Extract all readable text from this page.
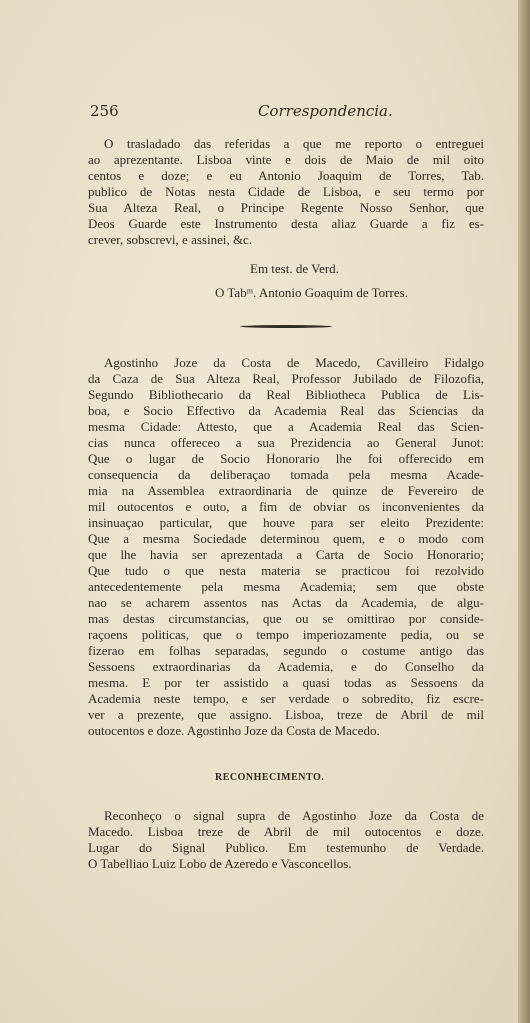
256	Correspondencia.
O trasladado das referidas a que me reporto o entreguei
ao aprezentante. Lisboa vinte e dois de Maio de mil oito
centos e doze; e eu Antonio Joaquim de Torres, Tab.
publico de Notas nesta Cidade de Lisboa, e seu termo por
Sua Alteza Real, o Principe Regente Nosso Senhor, que
Deos Guarde este Instrumento desta aliaz Guarde a fiz es-
crever, sobscrevi, e assinei, &c.
Em test. de Verd.
O Tabᵐ. Antonio Goaquim de Torres.
Agostinho Joze da Costa de Macedo, Cavilleiro Fidalgo
da Caza de Sua Alteza Real, Professor Jubilado de Filozofia,
Segundo Bibliothecario da Real Bibliotheca Publica de Lis-
boa, e Socio Effectivo da Academia Real das Sciencias da
mesma Cidade: Attesto, que a Academia Real das Scien-
cias nunca offereceo a sua Prezidencia ao General Junot:
Que o lugar de Socio Honorario lhe foi offerecido em
consequencia da deliberaçao tomada pela mesma Acade-
mia na Assemblea extraordinaria de quinze de Fevereiro de
mil outocentos e outo, a fim de obviar os inconvenientes da
insinuaçao particular, que houve para ser eleito Prezidente:
Que a mesma Sociedade determinou quem, e o modo com
que lhe havia ser aprezentada a Carta de Socio Honorario;
Que tudo o que nesta materia se practicou foi rezolvido
antecedentemente pela mesma Academia; sem que obste
nao se acharem assentos nas Actas da Academia, de algu-
mas destas circumstancias, que ou se omittirao por conside-
raçoens politicas, que o tempo imperiozamente pedia, ou se
fizerao em folhas separadas, segundo o costume antigo das
Sessoens extraordinarias da Academia, e do Conselho da
mesma. E por ter assistido a quasi todas as Sessoens da
Academia neste tempo, e ser verdade o sobredito, fiz escre-
ver a prezente, que assigno. Lisboa, treze de Abril de mil
outocentos e doze. Agostinho Joze da Costa de Macedo.
RECONHECIMENTO.
Reconheço o signal supra de Agostinho Joze da Costa de
Macedo. Lisboa treze de Abril de mil outocentos e doze.
Lugar do Signal Publico. Em testemunho de Verdade.
O Tabelliao Luiz Lobo de Azeredo e Vasconcellos.
